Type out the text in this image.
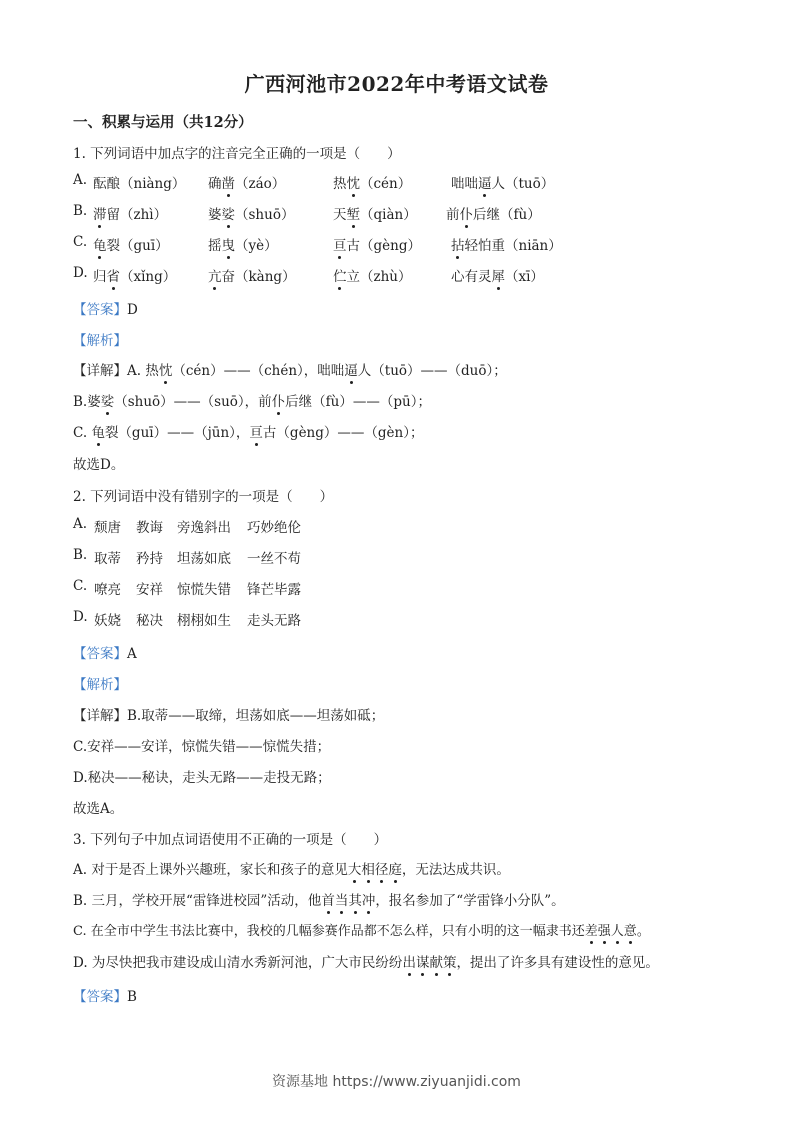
广西河池市2022年中考语文试卷
一、积累与运用（共12分）
1. 下列词语中加点字的注音完全正确的一项是（　　）
A. 酝酿（niàng） 确凿（záo）	热忱（cén）	咄咄逼人（tuō）
B. 滞留（zhì）	婆娑（shuō）	天堑（qiàn） 前仆后继（fù）
C. 龟裂（guī）	摇曳（yè）	亘古（gèng） 拈轻怕重（niān）
D. 归省（xǐng） 亢奋（kàng）	伫立（zhù）	心有灵犀（xī）
【答案】D
【解析】
【详解】A. 热忱（cén）——（chén），咄咄逼人（tuō）——（duō）；
B.婆娑（shuō）——（suō），前仆后继（fù）——（pū）；
C. 龟裂（guī）——（jūn），亘古（gèng）——（gèn）；
故选D。
2. 下列词语中没有错别字的一项是（　　）
A. 颓唐 教诲 旁逸斜出 巧妙绝伦
B. 取蒂 矜持 坦荡如底 一丝不苟
C. 嘹亮 安祥 惊慌失错 锋芒毕露
D. 妖娆 秘决 栩栩如生 走头无路
【答案】A
【解析】
【详解】B.取蒂——取缔，坦荡如底——坦荡如砥；
C.安祥——安详，惊慌失错——惊慌失措；
D.秘决——秘诀，走头无路——走投无路；
故选A。
3. 下列句子中加点词语使用不正确的一项是（　　）
A. 对于是否上课外兴趣班，家长和孩子的意见大相径庭，无法达成共识。
B. 三月，学校开展“雷锋进校园”活动，他首当其冲，报名参加了“学雷锋小分队”。
C. 在全市中学生书法比赛中，我校的几幅参赛作品都不怎么样，只有小明的这一幅隶书还差强人意。
D. 为尽快把我市建设成山清水秀新河池，广大市民纷纷出谋献策，提出了许多具有建设性的意见。
【答案】B
资源基地 https://www.ziyuanjidi.com
